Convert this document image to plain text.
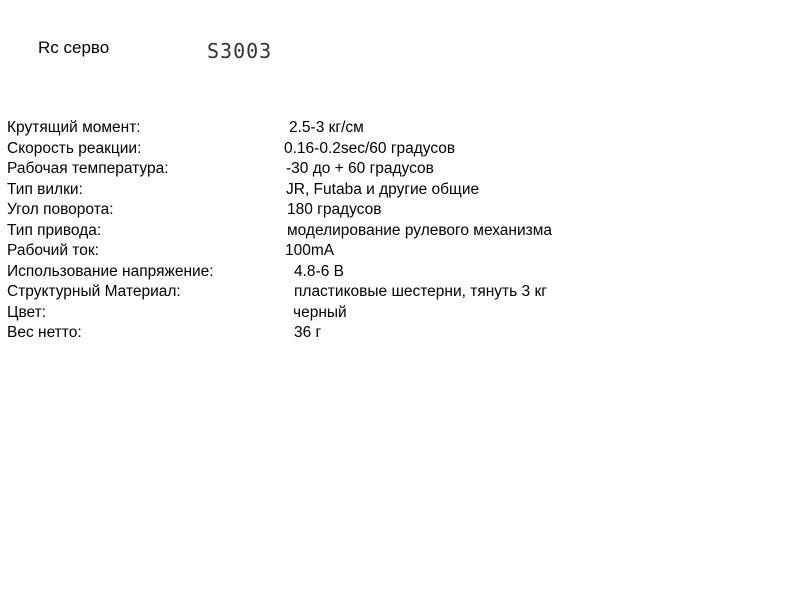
Rc серво	S3003
Крутящий момент:	2.5-3 кг/см
Скорость реакции:	0.16-0.2sec/60 градусов
Рабочая температура:	-30 до + 60 градусов
Тип вилки:	JR, Futaba и другие общие
Угол поворота:	180 градусов
Тип привода:	моделирование рулевого механизма
Рабочий ток:	100mA
Использование напряжение:	4.8-6 В
Структурный Материал:	пластиковые шестерни, тянуть 3 кг
Цвет:	черный
Вес нетто:	36 г
